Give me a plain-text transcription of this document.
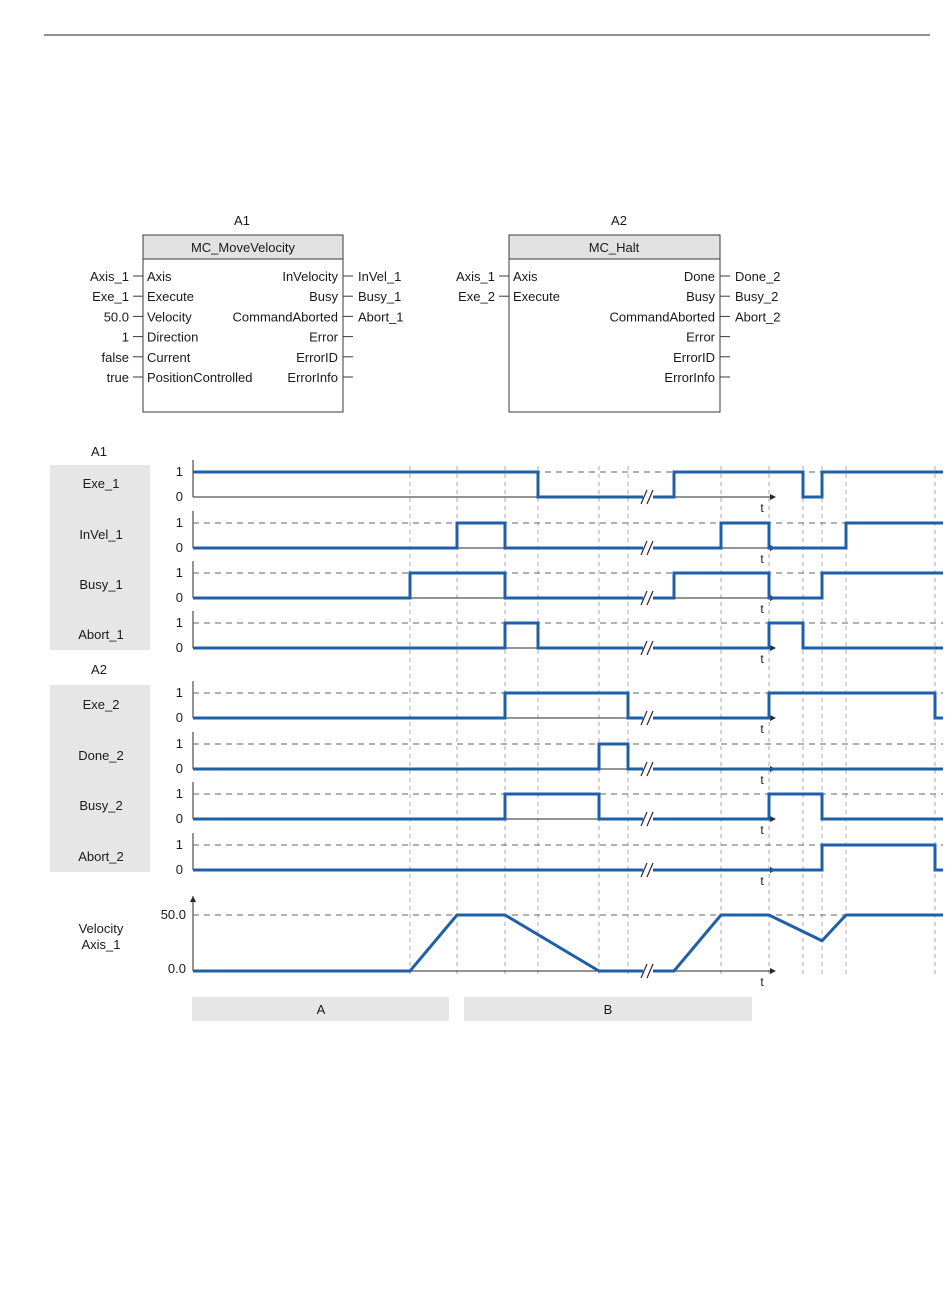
A1
MC_MoveVelocity
Axis
Axis_1
Execute
Exe_1
Velocity
50.0
Direction
1
Current
false
PositionControlled
true
InVelocity InVel_1
Busy Busy_1
CommandAborted Abort_1
Error
ErrorID
ErrorInfo
A2
MC_Halt
Axis
Axis_1
Execute
Exe_2
Done Done_2
Busy Busy_2
CommandAborted Abort_2
Error
ErrorID
ErrorInfo
A1
A2
Exe_1
1
0
t
InVel_1
1
0
t
Busy_1
1
0
t
Abort_1
1
0
t
Exe_2
1
0
t
Done_2
1
0
t
Busy_2
1
0
t
Abort_2
1
0
t
Velocity
Axis_1
50.0
0.0
t
A	B
